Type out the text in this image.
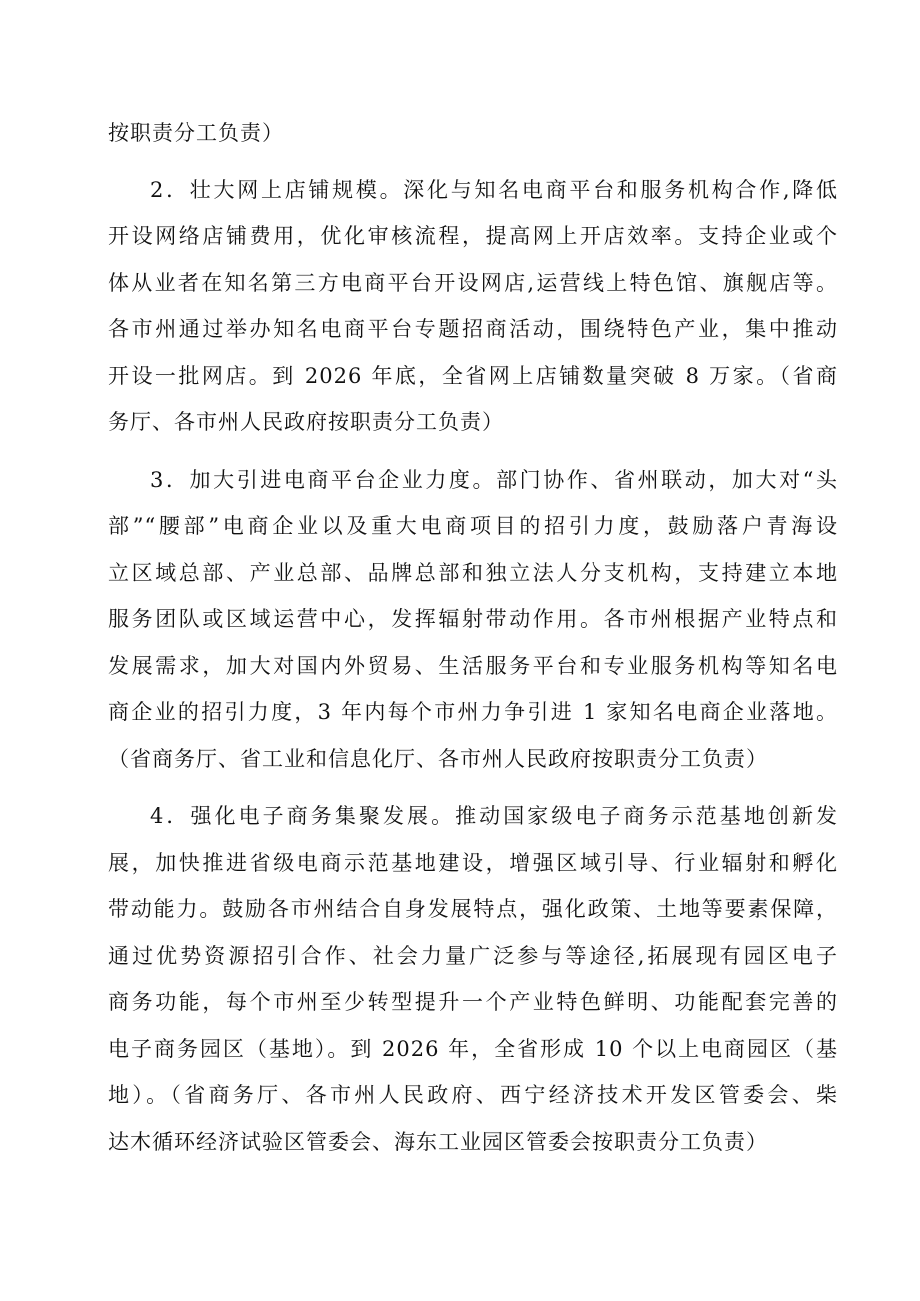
按职责分工负责）
2．壮大网上店铺规模。深化与知名电商平台和服务机构合作,降低
开设网络店铺费用，优化审核流程，提高网上开店效率。支持企业或个
体从业者在知名第三方电商平台开设网店,运营线上特色馆、旗舰店等。
各市州通过举办知名电商平台专题招商活动，围绕特色产业，集中推动
开设一批网店。到 2026 年底，全省网上店铺数量突破 8 万家。（省商
务厅、各市州人民政府按职责分工负责）
3．加大引进电商平台企业力度。部门协作、省州联动，加大对“头
部”“腰部”电商企业以及重大电商项目的招引力度，鼓励落户青海设
立区域总部、产业总部、品牌总部和独立法人分支机构，支持建立本地
服务团队或区域运营中心，发挥辐射带动作用。各市州根据产业特点和
发展需求，加大对国内外贸易、生活服务平台和专业服务机构等知名电
商企业的招引力度，3 年内每个市州力争引进 1 家知名电商企业落地。
（省商务厅、省工业和信息化厅、各市州人民政府按职责分工负责）
4．强化电子商务集聚发展。推动国家级电子商务示范基地创新发
展，加快推进省级电商示范基地建设，增强区域引导、行业辐射和孵化
带动能力。鼓励各市州结合自身发展特点，强化政策、土地等要素保障，
通过优势资源招引合作、社会力量广泛参与等途径,拓展现有园区电子
商务功能，每个市州至少转型提升一个产业特色鲜明、功能配套完善的
电子商务园区（基地）。到 2026 年，全省形成 10 个以上电商园区（基
地）。（省商务厅、各市州人民政府、西宁经济技术开发区管委会、柴
达木循环经济试验区管委会、海东工业园区管委会按职责分工负责）
